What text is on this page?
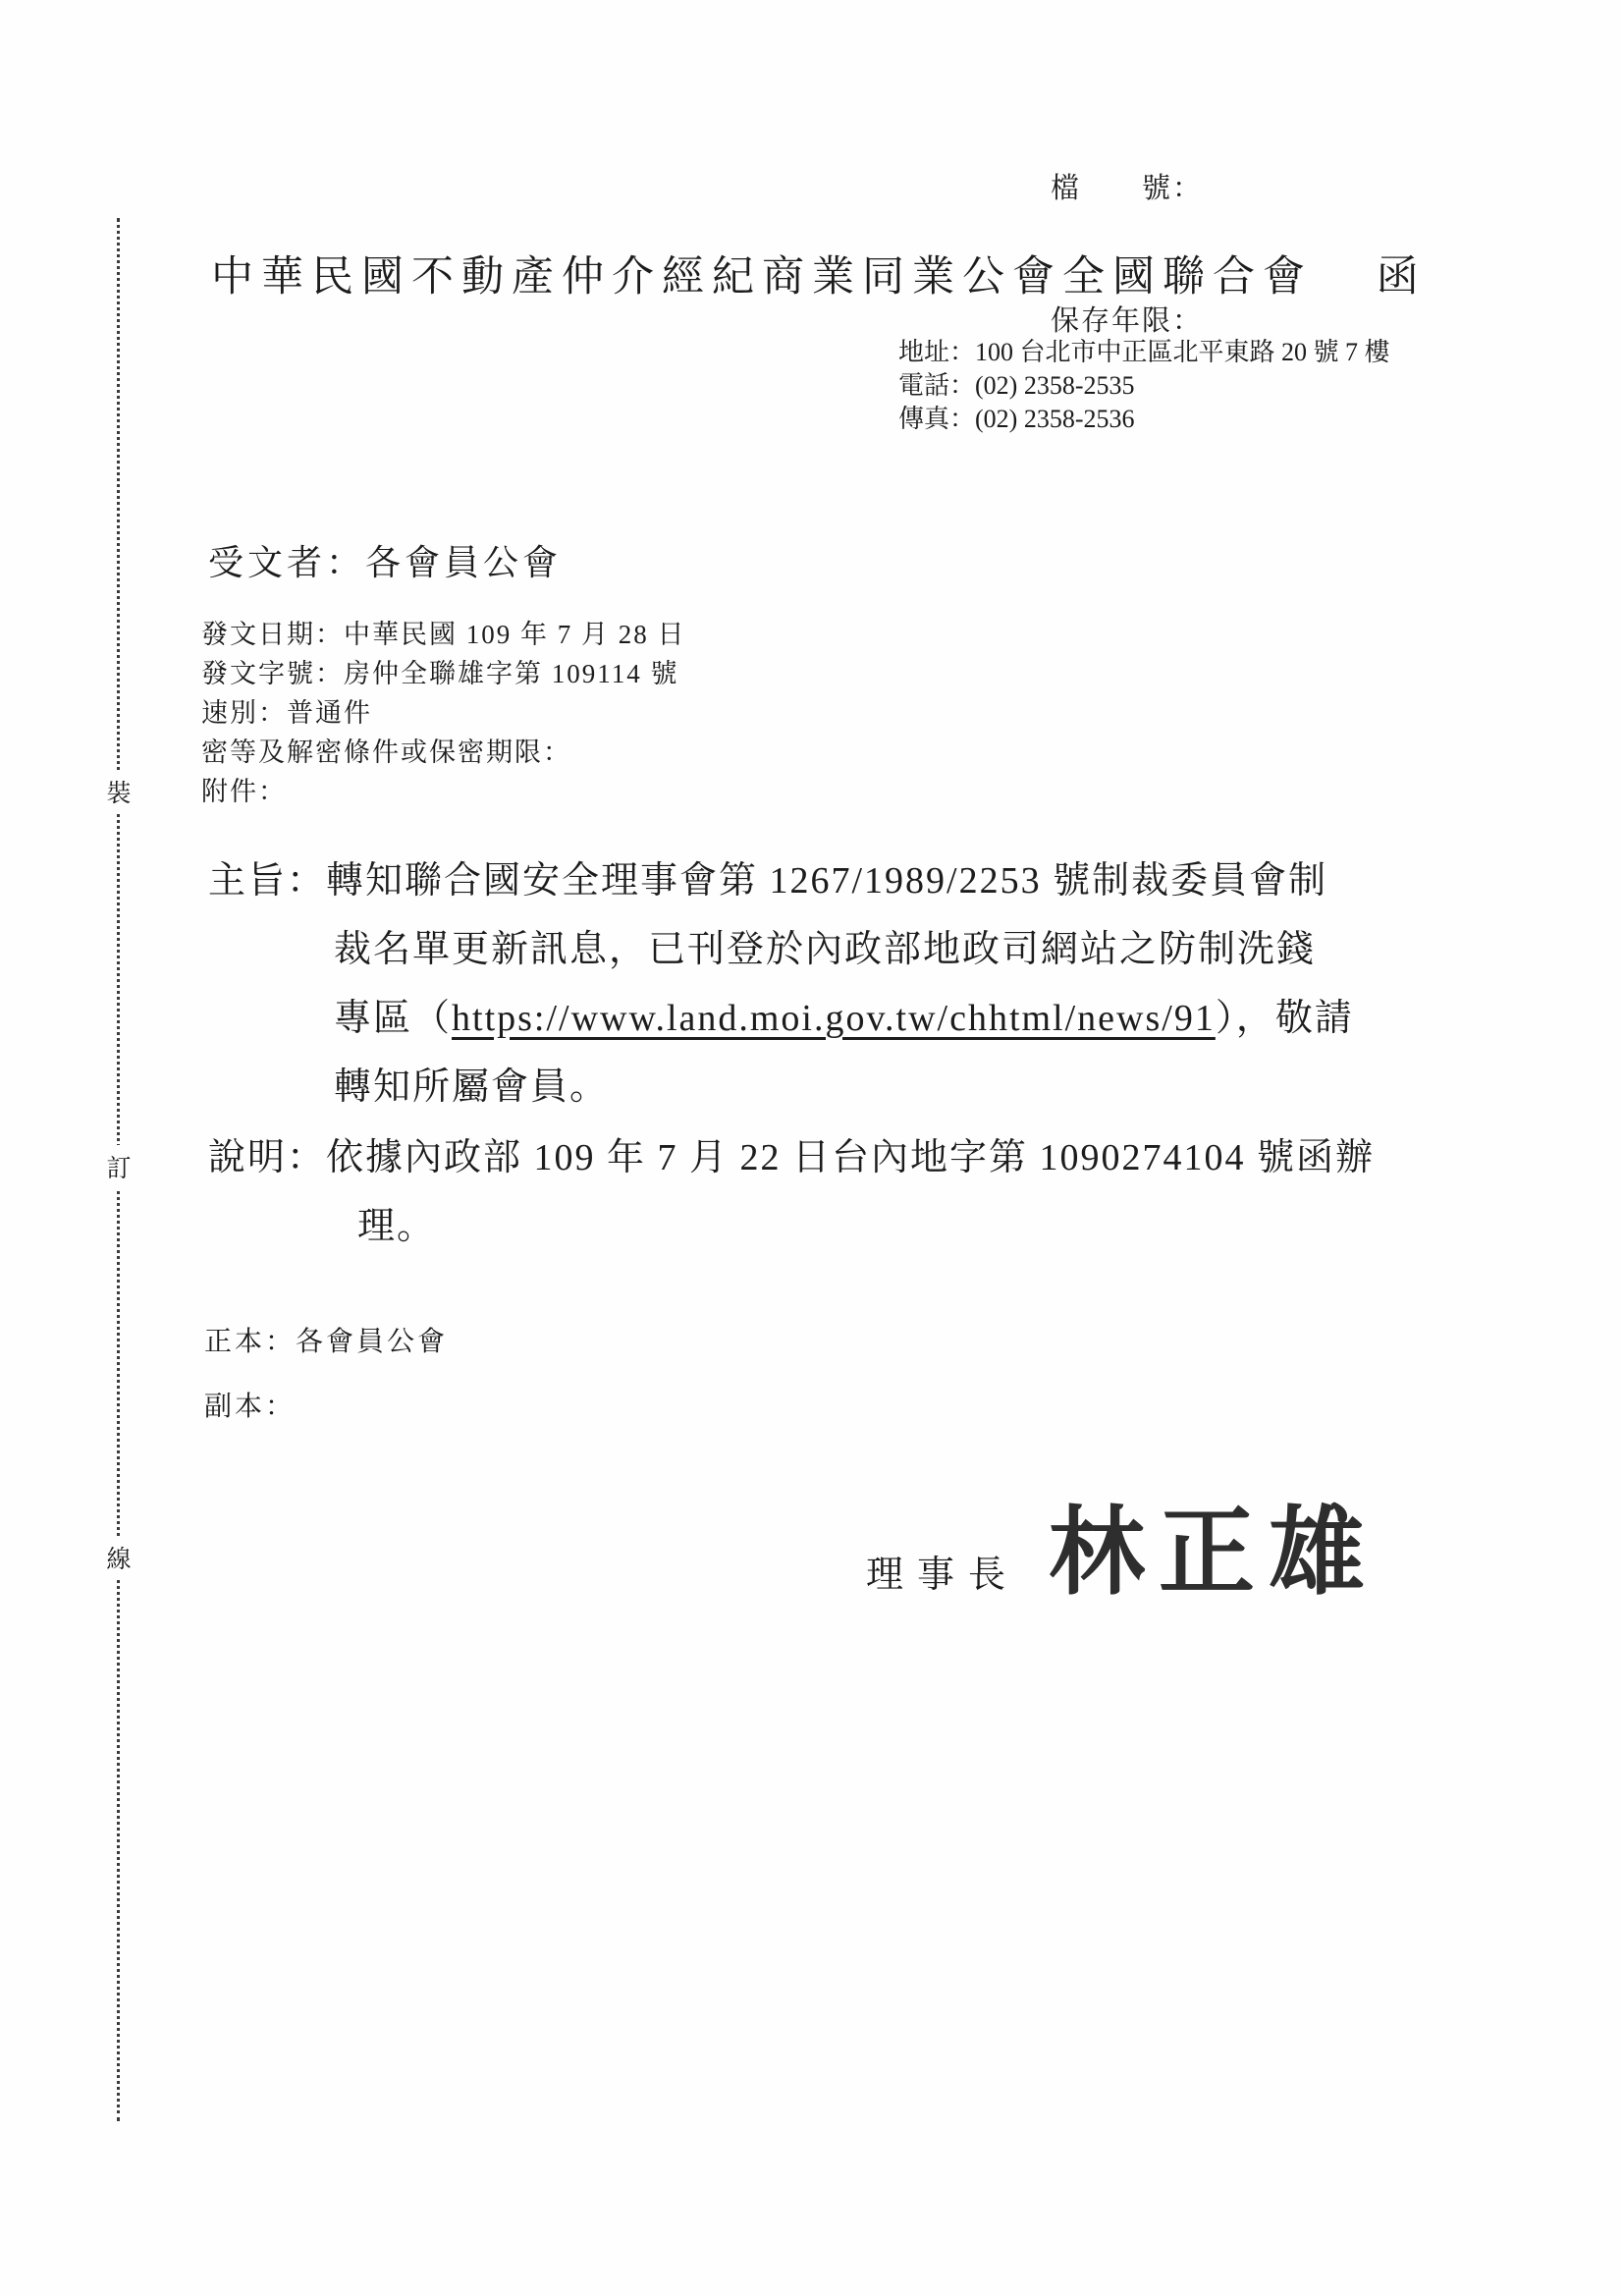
裝
訂
線

檔　　號：

保存年限：

中華民國不動產仲介經紀商業同業公會全國聯合會 函
地址：100 台北市中正區北平東路 20 號 7 樓
電話：(02) 2358-2535
傳真：(02) 2358-2536
受文者：各會員公會
發文日期：中華民國 109 年 7 月 28 日
發文字號：房仲全聯雄字第 109114 號
速別：普通件
密等及解密條件或保密期限：
附件：
主旨：轉知聯合國安全理事會第 1267/1989/2253 號制裁委員會制
裁名單更新訊息，已刊登於內政部地政司網站之防制洗錢
專區（https://www.land.moi.gov.tw/chhtml/news/91），敬請
轉知所屬會員。
說明：依據內政部 109 年 7 月 22 日台內地字第 1090274104 號函辦
理。
正本：各會員公會
副本：
理事長 林正雄
